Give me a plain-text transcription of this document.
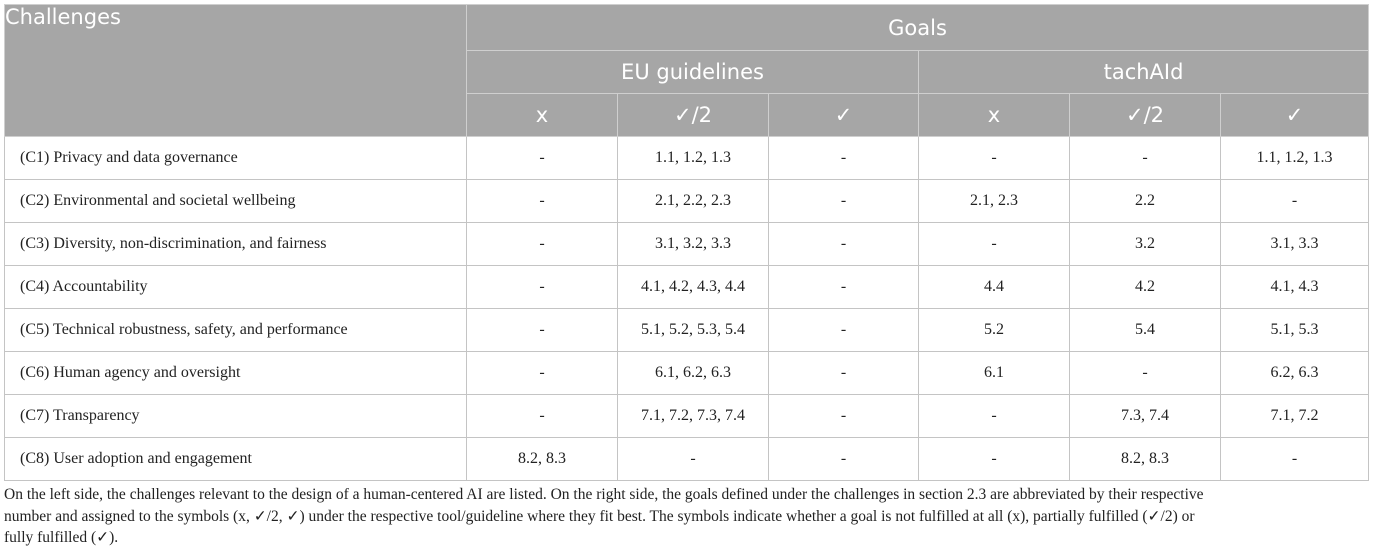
Challenges	Goals					
	EU guidelines			tachAId		
	x	✓/2	✓	x	✓/2	✓
(C1) Privacy and data governance	-	1.1, 1.2, 1.3	-	-	-	1.1, 1.2, 1.3
(C2) Environmental and societal wellbeing	-	2.1, 2.2, 2.3	-	2.1, 2.3	2.2	-
(C3) Diversity, non-discrimination, and fairness	-	3.1, 3.2, 3.3	-	-	3.2	3.1, 3.3
(C4) Accountability	-	4.1, 4.2, 4.3, 4.4	-	4.4	4.2	4.1, 4.3
(C5) Technical robustness, safety, and performance	-	5.1, 5.2, 5.3, 5.4	-	5.2	5.4	5.1, 5.3
(C6) Human agency and oversight	-	6.1, 6.2, 6.3	-	6.1	-	6.2, 6.3
(C7) Transparency	-	7.1, 7.2, 7.3, 7.4	-	-	7.3, 7.4	7.1, 7.2
(C8) User adoption and engagement	8.2, 8.3	-	-	-	8.2, 8.3	-
On the left side, the challenges relevant to the design of a human-centered AI are listed. On the right side, the goals defined under the challenges in section 2.3 are abbreviated by their respective
number and assigned to the symbols (x, ✓/2, ✓) under the respective tool/guideline where they fit best. The symbols indicate whether a goal is not fulfilled at all (x), partially fulfilled (✓/2) or
fully fulfilled (✓).
